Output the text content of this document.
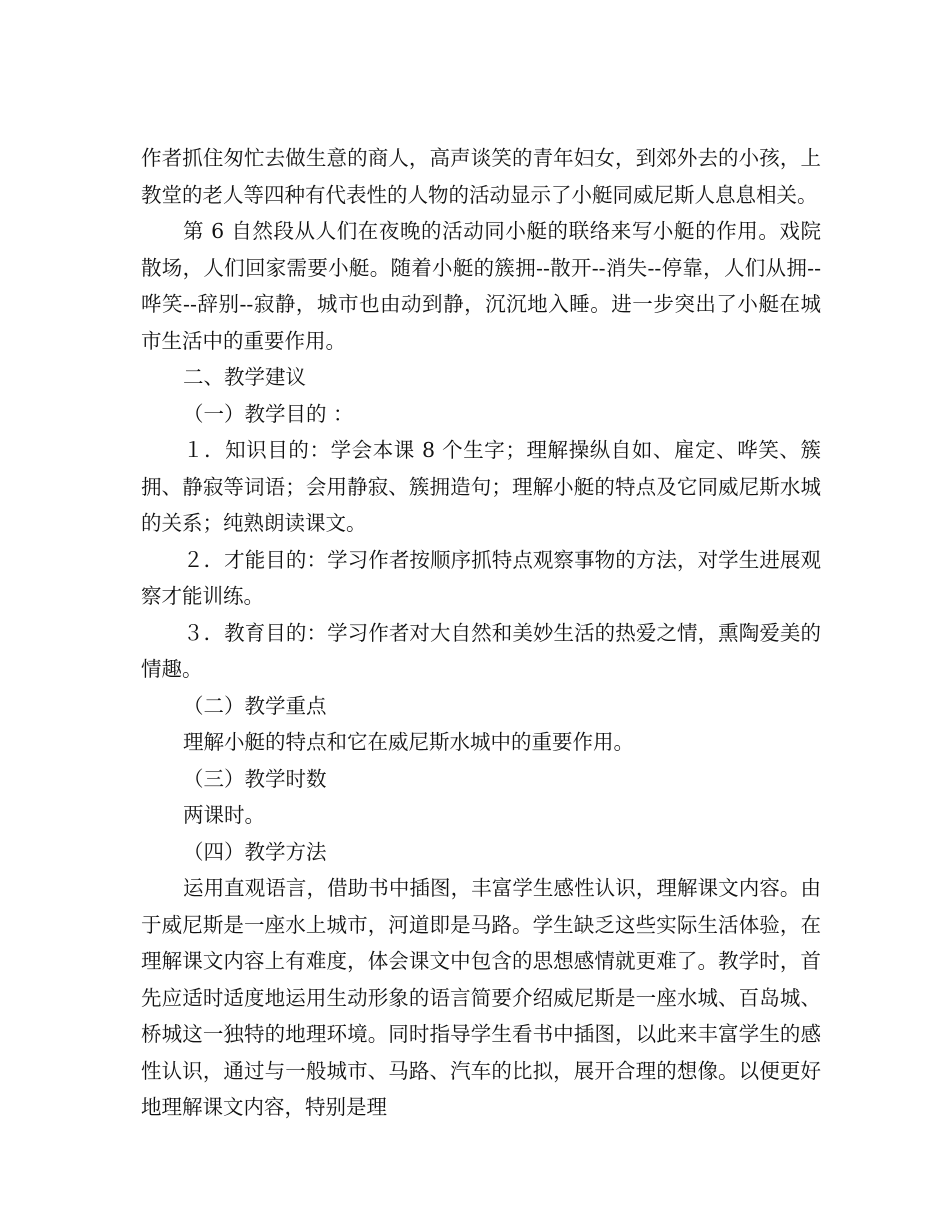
作者抓住匆忙去做生意的商人，高声谈笑的青年妇女，到郊外去的小孩，上教堂的老人等四种有代表性的人物的活动显示了小艇同威尼斯人息息相关。

第 6 自然段从人们在夜晚的活动同小艇的联络来写小艇的作用。戏院散场，人们回家需要小艇。随着小艇的簇拥--散开--消失--停靠，人们从拥--哗笑--辞别--寂静，城市也由动到静，沉沉地入睡。进一步突出了小艇在城市生活中的重要作用。

二、教学建议

（一）教学目的 ：

１．知识目的：学会本课 8 个生字；理解操纵自如、雇定、哗笑、簇拥、静寂等词语；会用静寂、簇拥造句；理解小艇的特点及它同威尼斯水城的关系；纯熟朗读课文。

２．才能目的：学习作者按顺序抓特点观察事物的方法，对学生进展观察才能训练。

３．教育目的：学习作者对大自然和美妙生活的热爱之情，熏陶爱美的情趣。

（二）教学重点

理解小艇的特点和它在威尼斯水城中的重要作用。

（三）教学时数

两课时。

（四）教学方法

运用直观语言，借助书中插图，丰富学生感性认识，理解课文内容。由于威尼斯是一座水上城市，河道即是马路。学生缺乏这些实际生活体验，在理解课文内容上有难度，体会课文中包含的思想感情就更难了。教学时，首先应适时适度地运用生动形象的语言简要介绍威尼斯是一座水城、百岛城、桥城这一独特的地理环境。同时指导学生看书中插图，以此来丰富学生的感性认识，通过与一般城市、马路、汽车的比拟，展开合理的想像。以便更好地理解课文内容，特别是理
